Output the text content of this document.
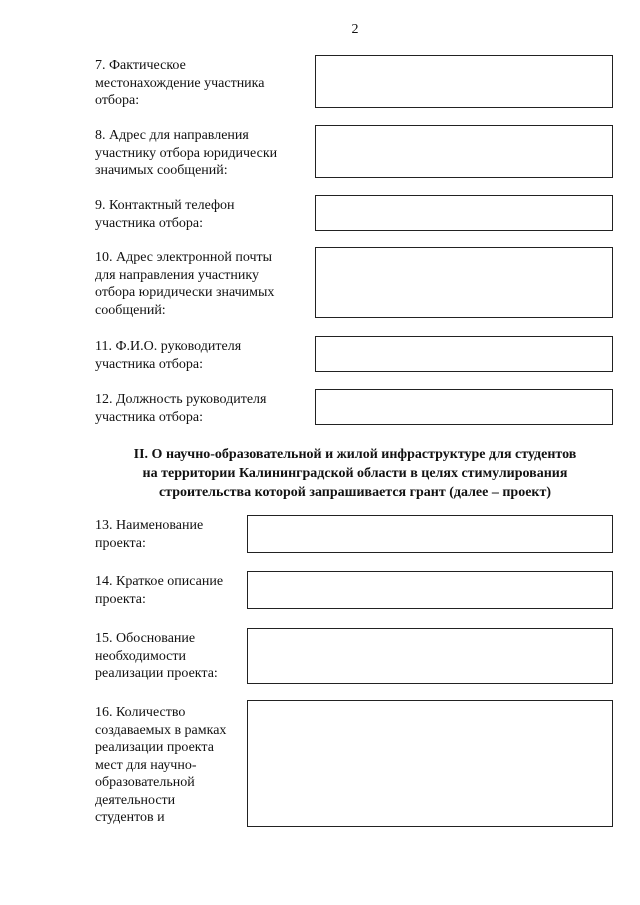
2
7. Фактическое
местонахождение участника
отбора:
8. Адрес для направления
участнику отбора юридически
значимых сообщений:
9. Контактный телефон
участника отбора:
10. Адрес электронной почты
для направления участнику
отбора юридически значимых
сообщений:
11. Ф.И.О. руководителя
участника отбора:
12. Должность руководителя
участника отбора:
II. О научно-образовательной и жилой инфраструктуре для студентов
на территории Калининградской области в целях стимулирования
строительства которой запрашивается грант (далее – проект)
13. Наименование
проекта:
14. Краткое описание
проекта:
15. Обоснование
необходимости
реализации проекта:
16. Количество
создаваемых в рамках
реализации проекта
мест для научно-
образовательной
деятельности
студентов и
